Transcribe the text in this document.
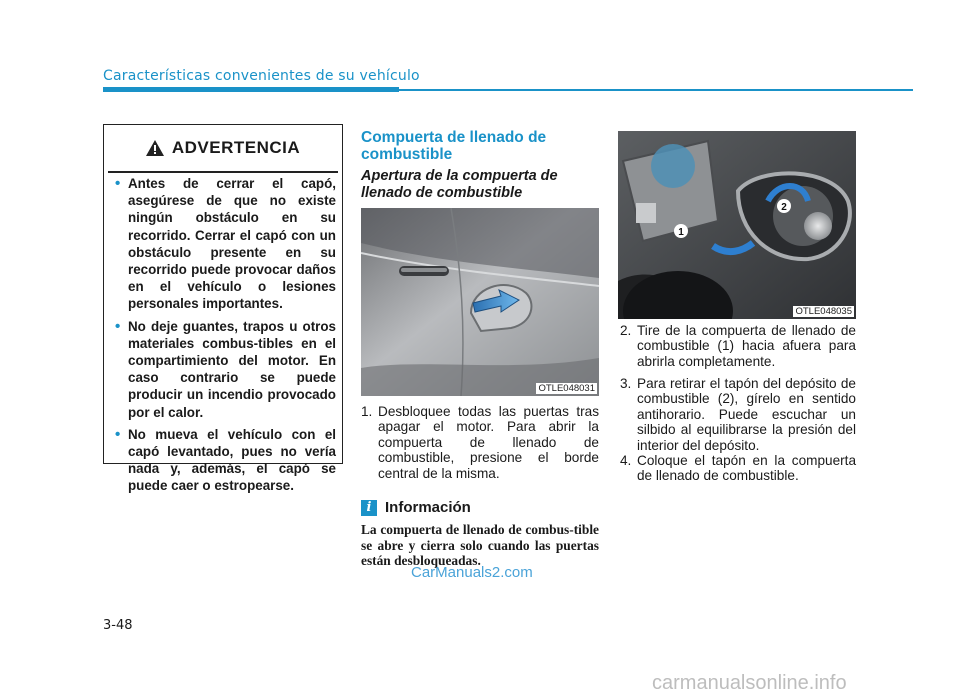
Características convenientes de su vehículo
ADVERTENCIA
• Antes de cerrar el capó, asegúrese de que no existe ningún obstáculo en su recorrido. Cerrar el capó con un obstáculo presente en su recorrido puede provocar daños en el vehículo o lesiones personales importantes.
• No deje guantes, trapos u otros materiales combus-tibles en el compartimiento del motor. En caso contrario se puede producir un incendio provocado por el calor.
• No mueva el vehículo con el capó levantado, pues no vería nada y, además, el capó se puede caer o estropearse.
Compuerta de llenado de combustible
Apertura de la compuerta de llenado de combustible
OTLE048031
1. Desbloquee todas las puertas tras apagar el motor. Para abrir la compuerta de llenado de combustible, presione el borde central de la misma.
i Información
La compuerta de llenado de combus-tible se abre y cierra solo cuando las puertas están desbloqueadas.
1
2
OTLE048035
2. Tire de la compuerta de llenado de combustible (1) hacia afuera para abrirla completamente.
3. Para retirar el tapón del depósito de combustible (2), gírelo en sentido antihorario. Puede escuchar un silbido al equilibrarse la presión del interior del depósito.
4. Coloque el tapón en la compuerta de llenado de combustible.
CarManuals2.com
3-48
carmanualsonline.info
